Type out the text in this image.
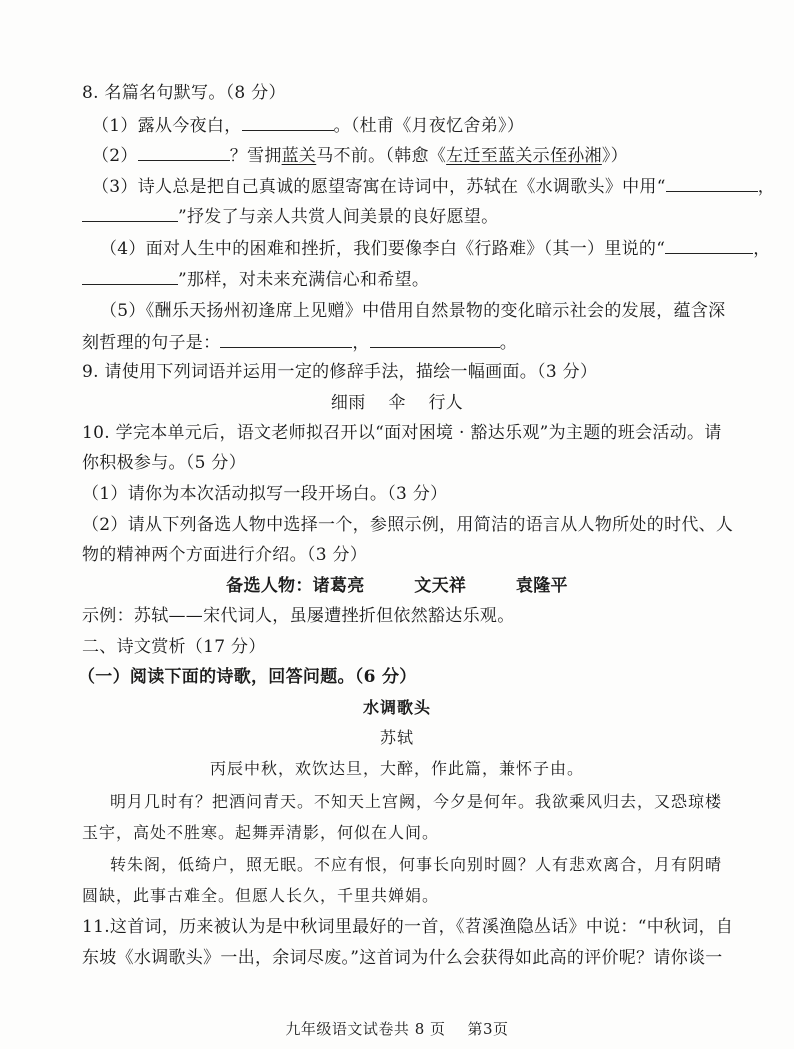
8. 名篇名句默写。（8 分）
（1）露从今夜白，	。（杜甫《月夜忆舍弟》）
（2）	？雪拥蓝关马不前。（韩愈《左迁至蓝关示侄孙湘》）
（3）诗人总是把自己真诚的愿望寄寓在诗词中，苏轼在《水调歌头》中用“	，
”抒发了与亲人共赏人间美景的良好愿望。
（4）面对人生中的困难和挫折，我们要像李白《行路难》（其一）里说的“	，
”那样，对未来充满信心和希望。
（5）《酬乐天扬州初逢席上见赠》中借用自然景物的变化暗示社会的发展，蕴含深
刻哲理的句子是：	，	。
9. 请使用下列词语并运用一定的修辞手法，描绘一幅画面。（3 分）
细雨    伞    行人
10. 学完本单元后，语文老师拟召开以“面对困境 · 豁达乐观”为主题的班会活动。请
你积极参与。（5 分）
（1）请你为本次活动拟写一段开场白。（3 分）
（2）请从下列备选人物中选择一个，参照示例，用简洁的语言从人物所处的时代、人
物的精神两个方面进行介绍。（3 分）
备选人物：诸葛亮        文天祥        袁隆平
示例：苏轼——宋代词人，虽屡遭挫折但依然豁达乐观。
二、诗文赏析（17 分）
（一）阅读下面的诗歌，回答问题。（6 分）
水调歌头
苏轼
丙辰中秋，欢饮达旦，大醉，作此篇，兼怀子由。
明月几时有？把酒问青天。不知天上宫阙，今夕是何年。我欲乘风归去，又恐琼楼
玉宇，高处不胜寒。起舞弄清影，何似在人间。
转朱阁，低绮户，照无眠。不应有恨，何事长向别时圆？人有悲欢离合，月有阴晴
圆缺，此事古难全。但愿人长久，千里共婵娟。
11.这首词，历来被认为是中秋词里最好的一首，《苕溪渔隐丛话》中说：“中秋词，自
东坡《水调歌头》一出，余词尽废。”这首词为什么会获得如此高的评价呢？请你谈一
九年级语文试卷共 8 页 第3页
